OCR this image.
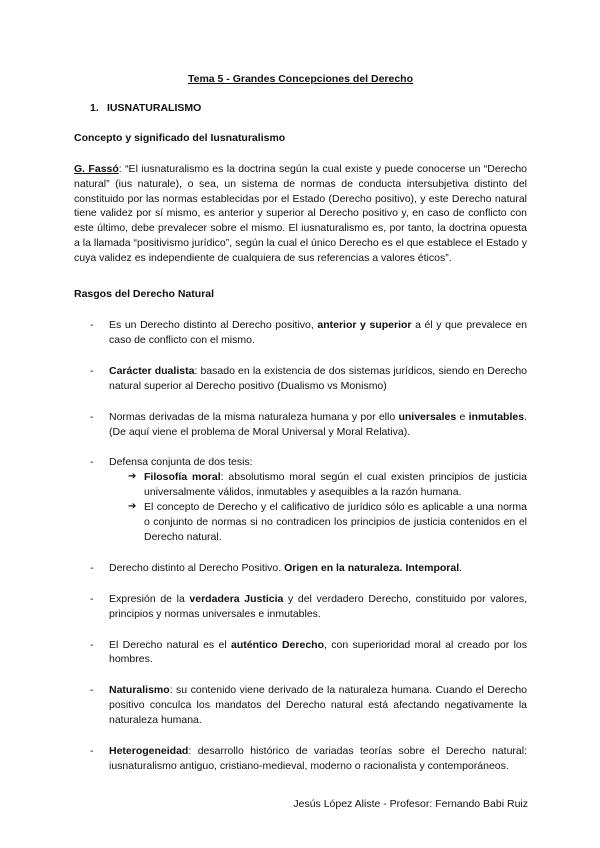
Tema 5 - Grandes Concepciones del Derecho
1. IUSNATURALISMO
Concepto y significado del Iusnaturalismo

G. Fassó: “El iusnaturalismo es la doctrina según la cual existe y puede conocerse un “Derecho natural” (ius naturale), o sea, un sistema de normas de conducta intersubjetiva distinto del constituido por las normas establecidas por el Estado (Derecho positivo), y este Derecho natural tiene validez por sí mismo, es anterior y superior al Derecho positivo y, en caso de conflicto con este último, debe prevalecer sobre el mismo. El iusnaturalismo es, por tanto, la doctrina opuesta a la llamada “positivismo jurídico”, según la cual el único Derecho es el que establece el Estado y cuya validez es independiente de cualquiera de sus referencias a valores éticos”.

Rasgos del Derecho Natural
- Es un Derecho distinto al Derecho positivo, anterior y superior a él y que prevalece en caso de conflicto con el mismo.
- Carácter dualista: basado en la existencia de dos sistemas jurídicos, siendo en Derecho natural superior al Derecho positivo (Dualismo vs Monismo)
- Normas derivadas de la misma naturaleza humana y por ello universales e inmutables. (De aquí viene el problema de Moral Universal y Moral Relativa).
- Defensa conjunta de dos tesis:
➔ Filosofía moral: absolutismo moral según el cual existen principios de justicia universalmente válidos, inmutables y asequibles a la razón humana.
➔ El concepto de Derecho y el calificativo de jurídico sólo es aplicable a una norma o conjunto de normas si no contradicen los principios de justicia contenidos en el Derecho natural.
- Derecho distinto al Derecho Positivo. Origen en la naturaleza. Intemporal.
- Expresión de la verdadera Justicia y del verdadero Derecho, constituido por valores, principios y normas universales e inmutables.
- El Derecho natural es el auténtico Derecho, con superioridad moral al creado por los hombres.
- Naturalismo: su contenido viene derivado de la naturaleza humana. Cuando el Derecho positivo conculca los mandatos del Derecho natural está afectando negativamente la naturaleza humana.
- Heterogeneidad: desarrollo histórico de variadas teorías sobre el Derecho natural: iusnaturalismo antiguo, cristiano-medieval, moderno o racionalista y contemporáneos.
Jesús López Aliste - Profesor: Fernando Babi Ruiz
